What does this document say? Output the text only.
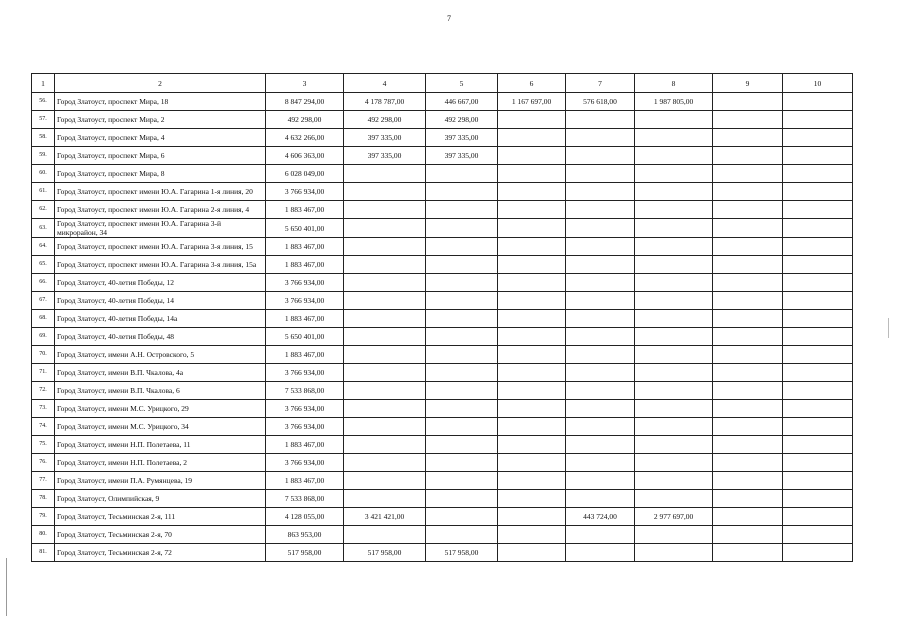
7
1	2	3	4	5	6	7	8	9	10
56.	Город Златоуст, проспект Мира, 18	8 847 294,00	4 178 787,00	446 667,00	1 167 697,00	576 618,00	1 987 805,00		
57.	Город Златоуст, проспект Мира, 2	492 298,00	492 298,00	492 298,00					
58.	Город Златоуст, проспект Мира, 4	4 632 266,00	397 335,00	397 335,00					
59.	Город Златоуст, проспект Мира, 6	4 606 363,00	397 335,00	397 335,00					
60.	Город Златоуст, проспект Мира, 8	6 028 049,00							
61.	Город Златоуст, проспект имени Ю.А. Гагарина 1-я линия, 20	3 766 934,00							
62.	Город Златоуст, проспект имени Ю.А. Гагарина 2-я линия, 4	1 883 467,00							
63.	Город Златоуст, проспект имени Ю.А. Гагарина 3-й микрорайон, 34	5 650 401,00							
64.	Город Златоуст, проспект имени Ю.А. Гагарина 3-я линия, 15	1 883 467,00							
65.	Город Златоуст, проспект имени Ю.А. Гагарина 3-я линия, 15а	1 883 467,00							
66.	Город Златоуст, 40-летия Победы, 12	3 766 934,00							
67.	Город Златоуст, 40-летия Победы, 14	3 766 934,00							
68.	Город Златоуст, 40-летия Победы, 14а	1 883 467,00							
69.	Город Златоуст, 40-летия Победы, 48	5 650 401,00							
70.	Город Златоуст, имени А.Н. Островского, 5	1 883 467,00							
71.	Город Златоуст, имени В.П. Чкалова, 4а	3 766 934,00							
72.	Город Златоуст, имени В.П. Чкалова, 6	7 533 868,00							
73.	Город Златоуст, имени М.С. Урицкого, 29	3 766 934,00							
74.	Город Златоуст, имени М.С. Урицкого, 34	3 766 934,00							
75.	Город Златоуст, имени Н.П. Полетаева, 11	1 883 467,00							
76.	Город Златоуст, имени Н.П. Полетаева, 2	3 766 934,00							
77.	Город Златоуст, имени П.А. Румянцева, 19	1 883 467,00							
78.	Город Златоуст, Олимпийская, 9	7 533 868,00							
79.	Город Златоуст, Тесьминская 2-я, 111	4 128 055,00	3 421 421,00			443 724,00	2 977 697,00		
80.	Город Златоуст, Тесьминская 2-я, 70	863 953,00							
81.	Город Златоуст, Тесьминская 2-я, 72	517 958,00	517 958,00	517 958,00					
